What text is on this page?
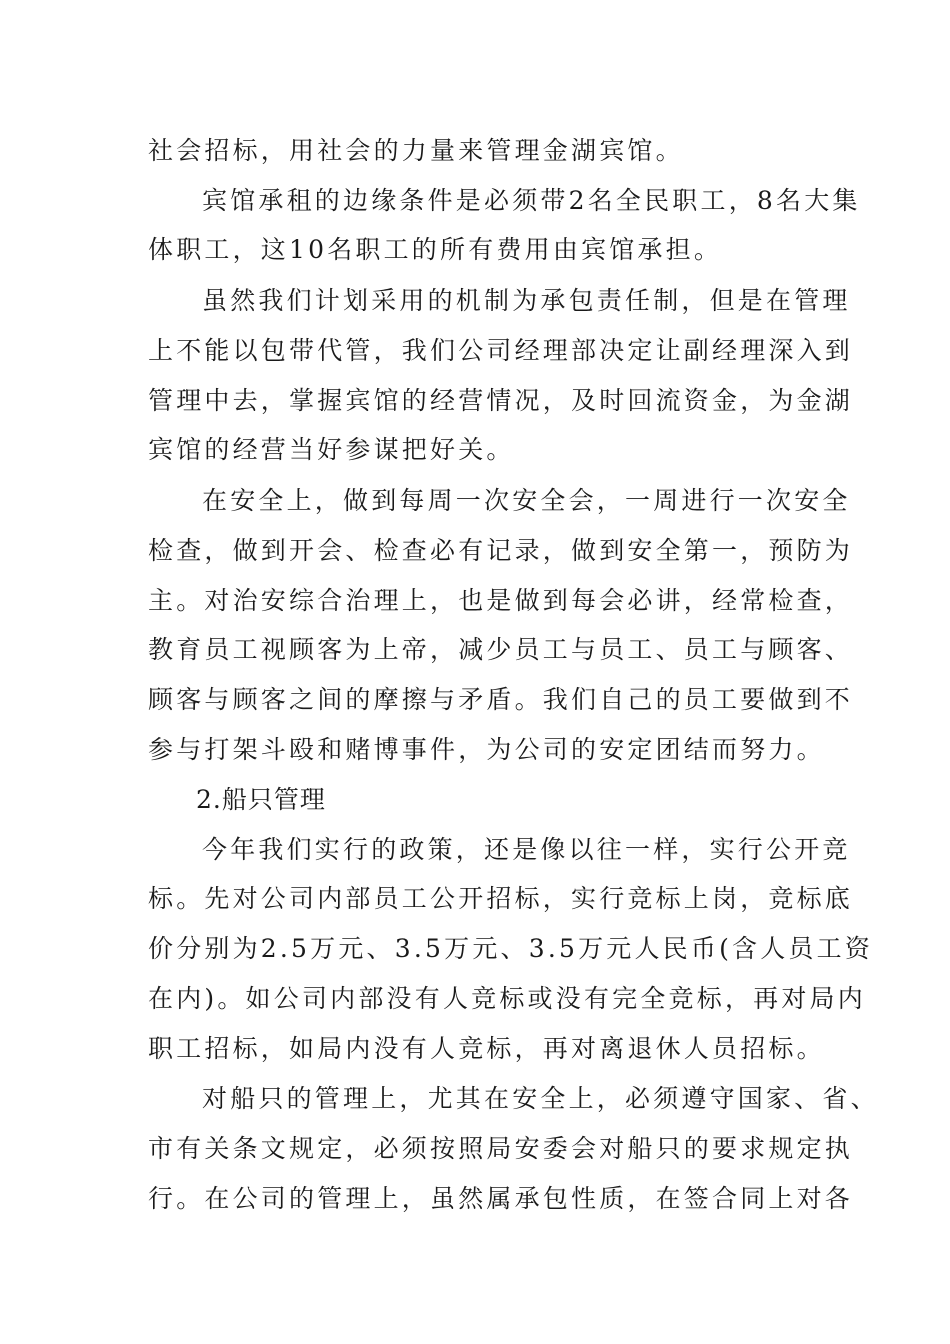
社会招标，用社会的力量来管理金湖宾馆。
宾馆承租的边缘条件是必须带2名全民职工，8名大集
体职工，这10名职工的所有费用由宾馆承担。
虽然我们计划采用的机制为承包责任制，但是在管理
上不能以包带代管，我们公司经理部决定让副经理深入到
管理中去，掌握宾馆的经营情况，及时回流资金，为金湖
宾馆的经营当好参谋把好关。
在安全上，做到每周一次安全会，一周进行一次安全
检查，做到开会、检查必有记录，做到安全第一，预防为
主。对治安综合治理上，也是做到每会必讲，经常检查，
教育员工视顾客为上帝，减少员工与员工、员工与顾客、
顾客与顾客之间的摩擦与矛盾。我们自己的员工要做到不
参与打架斗殴和赌博事件，为公司的安定团结而努力。
2.船只管理
今年我们实行的政策，还是像以往一样，实行公开竞
标。先对公司内部员工公开招标，实行竞标上岗，竞标底
价分别为2.5万元、3.5万元、3.5万元人民币(含人员工资
在内)。如公司内部没有人竞标或没有完全竞标，再对局内
职工招标，如局内没有人竞标，再对离退休人员招标。
对船只的管理上，尤其在安全上，必须遵守国家、省、
市有关条文规定，必须按照局安委会对船只的要求规定执
行。在公司的管理上，虽然属承包性质，在签合同上对各
